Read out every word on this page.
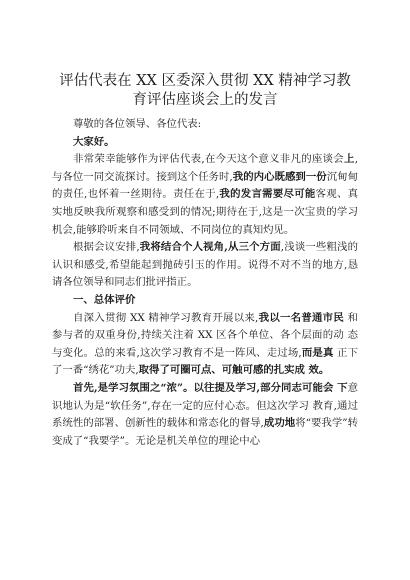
评估代表在 XX 区委深入贯彻 XX 精神学习教育评估座谈会上的发言

尊敬的各位领导、各位代表:

大家好。

非常荣幸能够作为评估代表,在今天这个意义非凡的座谈会上,与各位一同交流探讨。接到这个任务时,我的内心既感到一份沉甸甸的责任,也怀着一丝期待。责任在于,我的发言需要尽可能客观、真实地反映我所观察和感受到的情况;期待在于,这是一次宝贵的学习机会,能够聆听来自不同领域、不同岗位的真知灼见。

根据会议安排,我将结合个人视角,从三个方面,浅谈一些粗浅的认识和感受,希望能起到抛砖引玉的作用。说得不对不当的地方,恳请各位领导和同志们批评指正。

一、总体评价

自深入贯彻 XX 精神学习教育开展以来,我以一名普通市民 和参与者的双重身份,持续关注着 XX 区各个单位、各个层面的动 态与变化。总的来看,这次学习教育不是一阵风、走过场,而是真 正下了一番“绣花”功夫,取得了可圈可点、可触可感的扎实成 效。

首先,是学习氛围之“浓”。以往提及学习,部分同志可能会 下意识地认为是“软任务”,存在一定的应付心态。但这次学习 教育,通过系统性的部署、创新性的载体和常态化的督导,成功地将“要我学”转变成了“我要学”。无论是机关单位的理论中心
